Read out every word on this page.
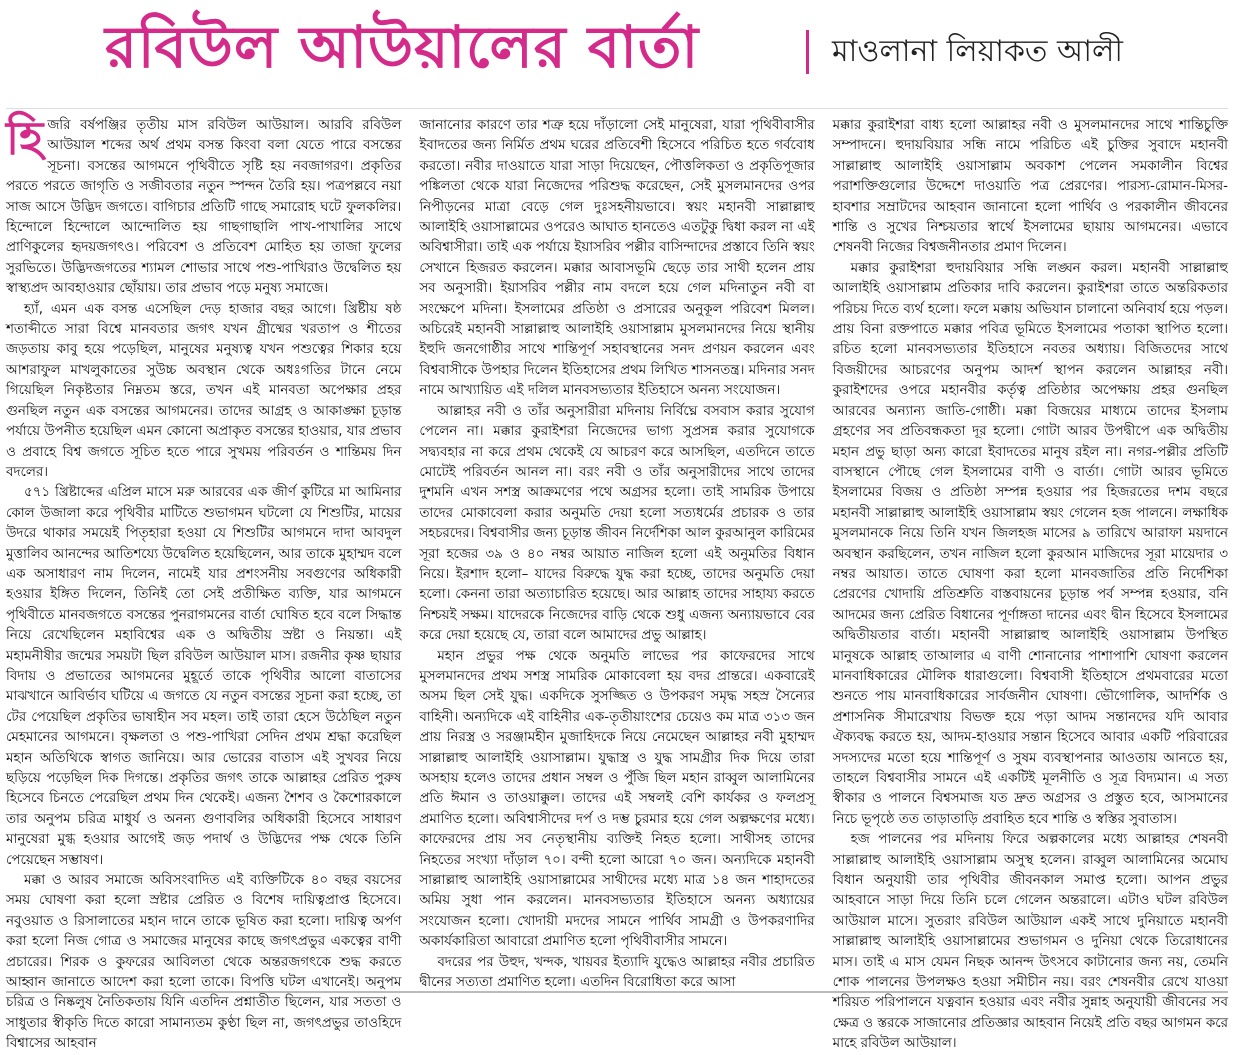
রবিউল আউয়ালের বার্তা	মাওলানা লিয়াকত আলী

হিজরি বর্ষপঞ্জির তৃতীয় মাস রবিউল আউয়াল। আরবি রবিউল আউয়াল শব্দের অর্থ প্রথম বসন্ত কিংবা বলা যেতে পারে বসন্তের সূচনা। বসন্তের আগমনে পৃথিবীতে সৃষ্টি হয় নবজাগরণ। প্রকৃতির পরতে পরতে জাগৃতি ও সজীবতার নতুন স্পন্দন তৈরি হয়। পত্রপল্লবে নয়া সাজ আসে উদ্ভিদ জগতে। বাগিচার প্রতিটি গাছে সমারোহ ঘটে ফুলকলির। হিন্দোলে হিন্দোলে আন্দোলিত হয় গাছগাছালি পাখ-পাখালির সাথে প্রাণিকুলের হৃদয়জগৎও। পরিবেশ ও প্রতিবেশ মোহিত হয় তাজা ফুলের সুরভিতে। উদ্ভিদজগতের শ্যামল শোভার সাথে পশু-পাখিরাও উদ্বেলিত হয় স্বাস্থ্যপ্রদ আবহাওয়ার ছোঁয়ায়। তার প্রভাব পড়ে মনুষ্য সমাজে।

হ্যাঁ, এমন এক বসন্ত এসেছিল দেড় হাজার বছর আগে। খ্রিষ্টীয় ষষ্ঠ শতাব্দীতে সারা বিশ্বে মানবতার জগৎ যখন গ্রীষ্মের খরতাপ ও শীতের জড়তায় কাবু হয়ে পড়েছিল, মানুষের মনুষ্যত্ব যখন পশুত্বের শিকার হয়ে আশরাফুল মাখলুকাতের সুউচ্চ অবস্থান থেকে অধঃগতির টানে নেমে গিয়েছিল নিকৃষ্টতার নিম্নতম স্তরে, তখন এই মানবতা অপেক্ষার প্রহর গুনছিল নতুন এক বসন্তের আগমনের। তাদের আগ্রহ ও আকাঙ্ক্ষা চূড়ান্ত পর্যায়ে উপনীত হয়েছিল এমন কোনো অপ্রাকৃত বসন্তের হাওয়ার, যার প্রভাব ও প্রবাহে বিশ্ব জগতে সূচিত হতে পারে সুখময় পরিবর্তন ও শান্তিময় দিন বদলের।

৫৭১ খ্রিষ্টাব্দের এপ্রিল মাসে মরু আরবের এক জীর্ণ কুটিরে মা আমিনার কোল উজালা করে পৃথিবীর মাটিতে শুভাগমন ঘটলো যে শিশুটির, মায়ের উদরে থাকার সময়েই পিতৃহারা হওয়া যে শিশুটির আগমনে দাদা আবদুল মুত্তালিব আনন্দের আতিশয্যে উদ্বেলিত হয়েছিলেন, আর তাকে মুহাম্মদ বলে এক অসাধারণ নাম দিলেন, নামেই যার প্রশংসনীয় সবগুণের অধিকারী হওয়ার ইঙ্গিত দিলেন, তিনিই তো সেই প্রতীক্ষিত ব্যক্তি, যার আগমনে পৃথিবীতে মানবজগতে বসন্তের পুনরাগমনের বার্তা ঘোষিত হবে বলে সিদ্ধান্ত নিয়ে রেখেছিলেন মহাবিশ্বের এক ও অদ্বিতীয় স্রষ্টা ও নিয়ন্তা। এই মহামনীষীর জন্মের সময়টা ছিল রবিউল আউয়াল মাস। রজনীর কৃষ্ণ ছায়ার বিদায় ও প্রভাতের আগমনের মুহূর্তে তাকে পৃথিবীর আলো বাতাসের মাঝখানে আবির্ভাব ঘটিয়ে এ জগতে যে নতুন বসন্তের সূচনা করা হচ্ছে, তা টের পেয়েছিল প্রকৃতির ভাষাহীন সব মহল। তাই তারা হেসে উঠেছিল নতুন মেহমানের আগমনে। বৃক্ষলতা ও পশু-পাখিরা সেদিন প্রথম শ্রদ্ধা করেছিল মহান অতিথিকে স্বাগত জানিয়ে। আর ভোরের বাতাস এই সুখবর নিয়ে ছড়িয়ে পড়েছিল দিক দিগন্তে। প্রকৃতির জগৎ তাকে আল্লাহর প্রেরিত পুরুষ হিসেবে চিনতে পেরেছিল প্রথম দিন থেকেই। এজন্য শৈশব ও কৈশোরকালে তার অনুপম চরিত্র মাধুর্য ও অনন্য গুণাবলির অধিকারী হিসেবে সাধারণ মানুষেরা মুগ্ধ হওয়ার আগেই জড় পদার্থ ও উদ্ভিদের পক্ষ থেকে তিনি পেয়েছেন সম্ভাষণ।

মক্কা ও আরব সমাজে অবিসংবাদিত এই ব্যক্তিটিকে ৪০ বছর বয়সের সময় ঘোষণা করা হলো স্রষ্টার প্রেরিত ও বিশেষ দায়িত্বপ্রাপ্ত হিসেবে। নবুওয়াত ও রিসালাতের মহান দানে তাকে ভূষিত করা হলো। দায়িত্ব অর্পণ করা হলো নিজ গোত্র ও সমাজের মানুষের কাছে জগৎপ্রভুর একত্বের বাণী প্রচারের। শিরক ও কুফরের আবিলতা থেকে অন্তরজগৎকে শুদ্ধ করতে আহ্বান জানাতে আদেশ করা হলো তাকে। বিপত্তি ঘটল এখানেই। অনুপম চরিত্র ও নিষ্কলুষ নৈতিকতায় যিনি এতদিন প্রশ্নাতীত ছিলেন, যার সততা ও সাধুতার স্বীকৃতি দিতে কারো সামান্যতম কুণ্ঠা ছিল না, জগৎপ্রভুর তাওহিদে বিশ্বাসের আহবান

জানানোর কারণে তার শত্রু হয়ে দাঁড়ালো সেই মানুষেরা, যারা পৃথিবীবাসীর ইবাদতের জন্য নির্মিত প্রথম ঘরের প্রতিবেশী হিসেবে পরিচিত হতে গর্ববোধ করতো। নবীর দাওয়াতে যারা সাড়া দিয়েছেন, পৌত্তলিকতা ও প্রকৃতিপূজার পঙ্কিলতা থেকে যারা নিজেদের পরিশুদ্ধ করেছেন, সেই মুসলমানদের ওপর নিপীড়নের মাত্রা বেড়ে গেল দুঃসহনীয়ভাবে। স্বয়ং মহানবী সাল্লাল্লাহু আলাইহি ওয়াসাল্লামের ওপরেও আঘাত হানতেও এতটুকু দ্বিধা করল না এই অবিশ্বাসীরা। তাই এক পর্যায়ে ইয়াসরিব পল্লীর বাসিন্দাদের প্রস্তাবে তিনি স্বয়ং সেখানে হিজরত করলেন। মক্কার আবাসভূমি ছেড়ে তার সাথী হলেন প্রায় সব অনুসারী। ইয়াসরিব পল্লীর নাম বদলে হয়ে গেল মদিনাতুন নবী বা সংক্ষেপে মদিনা। ইসলামের প্রতিষ্ঠা ও প্রসারের অনুকূল পরিবেশ মিলল। অচিরেই মহানবী সাল্লাল্লাহু আলাইহি ওয়াসাল্লাম মুসলমানদের নিয়ে স্থানীয় ইহুদি জনগোষ্ঠীর সাথে শান্তিপূর্ণ সহাবস্থানের সনদ প্রণয়ন করলেন এবং বিশ্ববাসীকে উপহার দিলেন ইতিহাসের প্রথম লিখিত শাসনতন্ত্র। মদিনার সনদ নামে আখ্যায়িত এই দলিল মানবসভ্যতার ইতিহাসে অনন্য সংযোজন।

আল্লাহর নবী ও তাঁর অনুসারীরা মদিনায় নির্বিঘ্নে বসবাস করার সুযোগ পেলেন না। মক্কার কুরাইশরা নিজেদের ভাগ্য সুপ্রসন্ন করার সুযোগকে সদ্ব্যবহার না করে প্রথম থেকেই যে আচরণ করে আসছিল, এতদিনে তাতে মোটেই পরিবর্তন আনল না। বরং নবী ও তাঁর অনুসারীদের সাথে তাদের দুশমনি এখন সশস্ত্র আক্রমণের পথে অগ্রসর হলো। তাই সামরিক উপায়ে তাদের মোকাবেলা করার অনুমতি দেয়া হলো সত্যধর্মের প্রচারক ও তার সহচরদের। বিশ্ববাসীর জন্য চূড়ান্ত জীবন নির্দেশিকা আল কুরআনুল কারিমের সূরা হজের ৩৯ ও ৪০ নম্বর আয়াত নাজিল হলো এই অনুমতির বিধান নিয়ে। ইরশাদ হলো– যাদের বিরুদ্ধে যুদ্ধ করা হচ্ছে, তাদের অনুমতি দেয়া হলো। কেননা তারা অত্যাচারিত হয়েছে। আর আল্লাহ তাদের সাহায্য করতে নিশ্চয়ই সক্ষম। যাদেরকে নিজেদের বাড়ি থেকে শুধু এজন্য অন্যায়ভাবে বের করে দেয়া হয়েছে যে, তারা বলে আমাদের প্রভু আল্লাহ।

মহান প্রভুর পক্ষ থেকে অনুমতি লাভের পর কাফেরদের সাথে মুসলমানদের প্রথম সশস্ত্র সামরিক মোকাবেলা হয় বদর প্রান্তরে। একবারেই অসম ছিল সেই যুদ্ধ। একদিকে সুসজ্জিত ও উপকরণ সমৃদ্ধ সহস্র সৈন্যের বাহিনী। অন্যদিকে এই বাহিনীর এক-তৃতীয়াংশের চেয়েও কম মাত্র ৩১৩ জন প্রায় নিরস্ত্র ও সরঞ্জামহীন মুজাহিদকে নিয়ে নেমেছেন আল্লাহর নবী মুহাম্মদ সাল্লাল্লাহু আলাইহি ওয়াসাল্লাম। যুদ্ধাস্ত্র ও যুদ্ধ সামগ্রীর দিক দিয়ে তারা অসহায় হলেও তাদের প্রধান সম্বল ও পুঁজি ছিল মহান রাব্বুল আলামিনের প্রতি ঈমান ও তাওয়াক্কুল। তাদের এই সম্বলই বেশি কার্যকর ও ফলপ্রসূ প্রমাণিত হলো। অবিশ্বাসীদের দর্প ও দম্ভ চুরমার হয়ে গেল অল্পক্ষণের মধ্যে। কাফেরদের প্রায় সব নেতৃস্থানীয় ব্যক্তিই নিহত হলো। সাথীসহ তাদের নিহতের সংখ্যা দাঁড়াল ৭০। বন্দী হলো আরো ৭০ জন। অন্যদিকে মহানবী সাল্লাল্লাহু আলাইহি ওয়াসাল্লামের সাথীদের মধ্যে মাত্র ১৪ জন শাহাদতের অমিয় সুধা পান করলেন। মানবসভ্যতার ইতিহাসে অনন্য অধ্যায়ের সংযোজন হলো। খোদায়ী মদদের সামনে পার্থিব সামগ্রী ও উপকরণাদির অকার্যকারিতা আবারো প্রমাণিত হলো পৃথিবীবাসীর সামনে।

বদরের পর উহুদ, খন্দক, খায়বর ইত্যাদি যুদ্ধেও আল্লাহর নবীর প্রচারিত দ্বীনের সত্যতা প্রমাণিত হলো। এতদিন বিরোধিতা করে আসা

মক্কার কুরাইশরা বাধ্য হলো আল্লাহর নবী ও মুসলমানদের সাথে শান্তিচুক্তি সম্পাদনে। হুদায়বিয়ার সন্ধি নামে পরিচিত এই চুক্তির সুবাদে মহানবী সাল্লাল্লাহু আলাইহি ওয়াসাল্লাম অবকাশ পেলেন সমকালীন বিশ্বের পরাশক্তিগুলোর উদ্দেশে দাওয়াতি পত্র প্রেরণের। পারস্য-রোমান-মিসর-হাবশার সম্রাটদের আহবান জানানো হলো পার্থিব ও পরকালীন জীবনের শান্তি ও সুখের নিশ্চয়তার স্বার্থে ইসলামের ছায়ায় আগমনের। এভাবে শেষনবী নিজের বিশ্বজনীনতার প্রমাণ দিলেন।

মক্কার কুরাইশরা হুদায়বিয়ার সন্ধি লঙ্ঘন করল। মহানবী সাল্লাল্লাহু আলাইহি ওয়াসাল্লাম প্রতিকার দাবি করলেন। কুরাইশরা তাতে অন্তরিকতার পরিচয় দিতে ব্যর্থ হলো। ফলে মক্কায় অভিযান চালানো অনিবার্য হয়ে পড়ল। প্রায় বিনা রক্তপাতে মক্কার পবিত্র ভূমিতে ইসলামের পতাকা স্থাপিত হলো। রচিত হলো মানবসভ্যতার ইতিহাসে নবতর অধ্যায়। বিজিতদের সাথে বিজয়ীদের আচরণের অনুপম আদর্শ স্থাপন করলেন আল্লাহর নবী। কুরাইশদের ওপরে মহানবীর কর্তৃত্ব প্রতিষ্ঠার অপেক্ষায় প্রহর গুনছিল আরবের অন্যান্য জাতি-গোষ্ঠী। মক্কা বিজয়ের মাধ্যমে তাদের ইসলাম গ্রহণের সব প্রতিবন্ধকতা দূর হলো। গোটা আরব উপদ্বীপে এক অদ্বিতীয় মহান প্রভু ছাড়া অন্য কারো ইবাদতের মানুষ রইল না। নগর-পল্লীর প্রতিটি বাসস্থানে পৌছে গেল ইসলামের বাণী ও বার্তা। গোটা আরব ভূমিতে ইসলামের বিজয় ও প্রতিষ্ঠা সম্পন্ন হওয়ার পর হিজরতের দশম বছরে মহানবী সাল্লাল্লাহু আলাইহি ওয়াসাল্লাম স্বয়ং গেলেন হজ পালনে। লক্ষাধিক মুসলমানকে নিয়ে তিনি যখন জিলহজ মাসের ৯ তারিখে আরাফা ময়দানে অবস্থান করছিলেন, তখন নাজিল হলো কুরআন মাজিদের সূরা মায়েদার ৩ নম্বর আয়াত। তাতে ঘোষণা করা হলো মানবজাতির প্রতি নির্দেশিকা প্রেরণের খোদায়ি প্রতিশ্রুতি বাস্তবায়নের চূড়ান্ত পর্ব সম্পন্ন হওয়ার, বনি আদমের জন্য প্রেরিত বিধানের পূর্ণাঙ্গতা দানের এবং দ্বীন হিসেবে ইসলামের অদ্বিতীয়তার বার্তা। মহানবী সাল্লাল্লাহু আলাইহি ওয়াসাল্লাম উপস্থিত মানুষকে আল্লাহ তাআলার এ বাণী শোনানোর পাশাপাশি ঘোষণা করলেন মানবাধিকারের মৌলিক ধারাগুলো। বিশ্ববাসী ইতিহাসে প্রথমবারের মতো শুনতে পায় মানবাধিকারের সার্বজনীন ঘোষণা। ভৌগোলিক, আদর্শিক ও প্রশাসনিক সীমারেখায় বিভক্ত হয়ে পড়া আদম সন্তানদের যদি আবার ঐক্যবদ্ধ করতে হয়, আদম-হাওয়ার সন্তান হিসেবে আবার একটি পরিবারের সদস্যদের মতো হয়ে শান্তিপূর্ণ ও সুষম ব্যবস্থাপনার আওতায় আনতে হয়, তাহলে বিশ্ববাসীর সামনে এই একটিই মূলনীতি ও সূত্র বিদ্যমান। এ সত্য স্বীকার ও পালনে বিশ্বসমাজ যত দ্রুত অগ্রসর ও প্রস্তুত হবে, আসমানের নিচে ভূপৃষ্ঠে তত তাড়াতাড়ি প্রবাহিত হবে শান্তি ও স্বস্তির সুবাতাস।

হজ পালনের পর মদিনায় ফিরে অল্পকালের মধ্যে আল্লাহর শেষনবী সাল্লাল্লাহু আলাইহি ওয়াসাল্লাম অসুস্থ হলেন। রাব্বুল আলামিনের অমোঘ বিধান অনুযায়ী তার পৃথিবীর জীবনকাল সমাপ্ত হলো। আপন প্রভুর আহবানে সাড়া দিয়ে তিনি চলে গেলেন অন্তরালে। এটাও ঘটল রবিউল আউয়াল মাসে। সুতরাং রবিউল আউয়াল একই সাথে দুনিয়াতে মহানবী সাল্লাল্লাহু আলাইহি ওয়াসাল্লামের শুভাগমন ও দুনিয়া থেকে তিরোধানের মাস। তাই এ মাস যেমন নিছক আনন্দ উৎসবে কাটানোর জন্য নয়, তেমনি শোক পালনের উপলক্ষও হওয়া সমীচীন নয়। বরং শেষনবীর রেখে যাওয়া শরিয়ত পরিপালনে যত্নবান হওয়ার এবং নবীর সুন্নাহ অনুযায়ী জীবনের সব ক্ষেত্র ও স্তরকে সাজানোর প্রতিজ্ঞার আহবান নিয়েই প্রতি বছর আগমন করে মাহে রবিউল আউয়াল।
